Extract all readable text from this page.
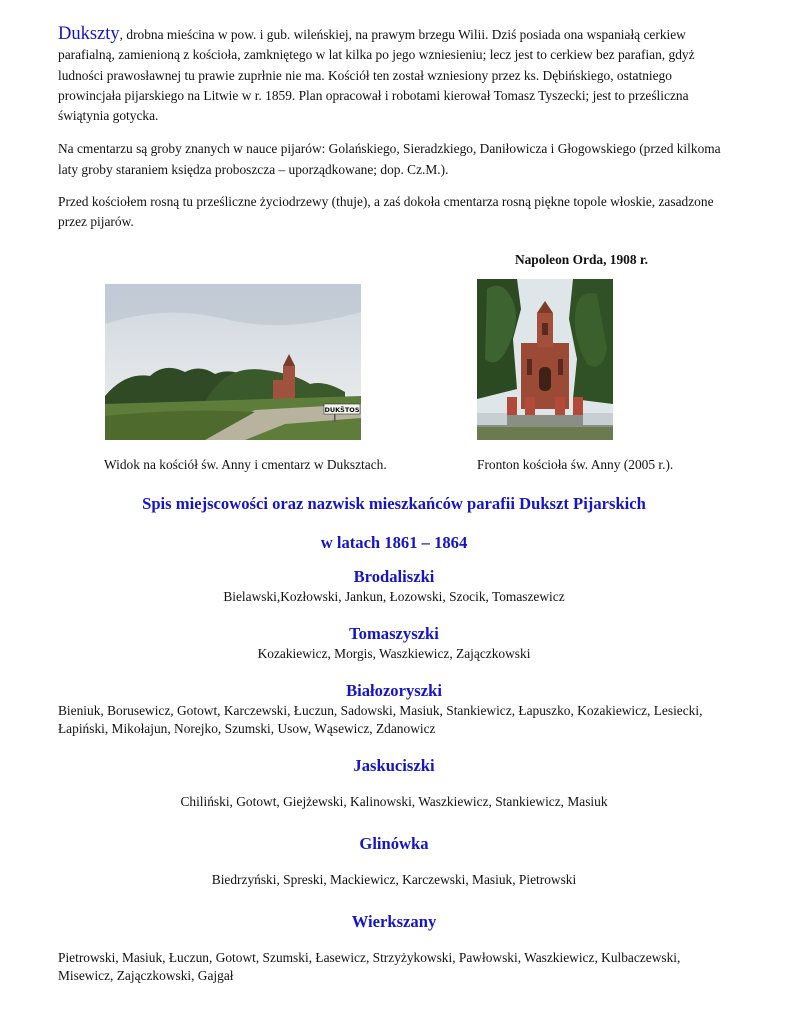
Dukszty, drobna mieścina w pow. i gub. wileńskiej, na prawym brzegu Wilii. Dziś posiada ona wspaniałą cerkiew parafialną, zamienioną z kościoła, zamkniętego w lat kilka po jego wzniesieniu; lecz jest to cerkiew bez parafian, gdyż ludności prawosławnej tu prawie zuprłnie nie ma. Kościół ten został wzniesiony przez ks. Dębińskiego, ostatniego prowincjała pijarskiego na Litwie w r. 1859. Plan opracował i robotami kierował Tomasz Tyszecki; jest to prześliczna świątynia gotycka.

Na cmentarzu są groby znanych w nauce pijarów: Golańskiego, Sieradzkiego, Daniłowicza i Głogowskiego (przed kilkoma laty groby staraniem księdza proboszcza – uporządkowane; dop. Cz.M.).

Przed kościołem rosną tu prześliczne życiodrzewy (thuje), a zaś dokoła cmentarza rosną piękne topole włoskie, zasadzone przez pijarów.

Napoleon Orda, 1908 r.

DUKŠTOS
Widok na kościół św. Anny i cmentarz w Duksztach.	Fronton kościoła św. Anny (2005 r.).
Spis miejscowości oraz nazwisk mieszkańców parafii Dukszt Pijarskich
w latach 1861 – 1864
Brodaliszki

Bielawski,Kozłowski, Jankun, Łozowski, Szocik, Tomaszewicz

Tomaszyszki

Kozakiewicz, Morgis, Waszkiewicz, Zajączkowski

Białozoryszki

Bieniuk, Borusewicz, Gotowt, Karczewski, Łuczun, Sadowski, Masiuk, Stankiewicz, Łapuszko, Kozakiewicz, Lesiecki, Łapiński, Mikołajun, Norejko, Szumski, Usow, Wąsewicz, Zdanowicz

Jaskuciszki

Chiliński, Gotowt, Giejżewski, Kalinowski, Waszkiewicz, Stankiewicz, Masiuk

Glinówka

Biedrzyński, Spreski, Mackiewicz, Karczewski, Masiuk, Pietrowski

Wierkszany

Pietrowski, Masiuk, Łuczun, Gotowt, Szumski, Łasewicz, Strzyżykowski, Pawłowski, Waszkiewicz, Kulbaczewski, Misewicz, Zajączkowski, Gajgał
